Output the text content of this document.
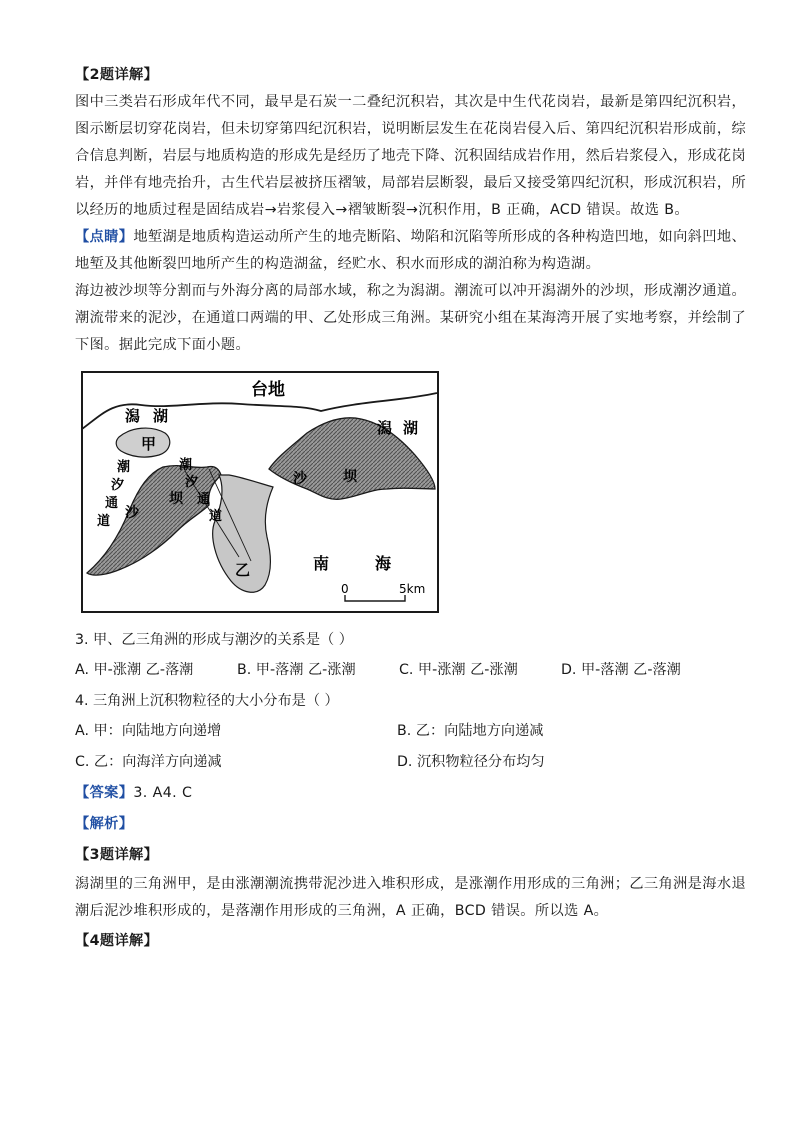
【2题详解】
图中三类岩石形成年代不同，最早是石炭一二叠纪沉积岩，其次是中生代花岗岩，最新是第四纪沉积岩，
图示断层切穿花岗岩，但未切穿第四纪沉积岩，说明断层发生在花岗岩侵入后、第四纪沉积岩形成前，综
合信息判断，岩层与地质构造的形成先是经历了地壳下降、沉积固结成岩作用，然后岩浆侵入，形成花岗
岩，并伴有地壳抬升，古生代岩层被挤压褶皱，局部岩层断裂，最后又接受第四纪沉积，形成沉积岩，所
以经历的地质过程是固结成岩→岩浆侵入→褶皱断裂→沉积作用，B 正确，ACD 错误。故选 B。
【点睛】地堑湖是地质构造运动所产生的地壳断陷、坳陷和沉陷等所形成的各种构造凹地，如向斜凹地、
地堑及其他断裂凹地所产生的构造湖盆，经贮水、积水而形成的湖泊称为构造湖。
海边被沙坝等分割而与外海分离的局部水域，称之为潟湖。潮流可以冲开潟湖外的沙坝，形成潮汐通道。
潮流带来的泥沙，在通道口两端的甲、乙处形成三角洲。某研究小组在某海湾开展了实地考察，并绘制了
下图。据此完成下面小题。
台地
潟 湖
潟 湖
甲
乙
潮
汐
通
道
潮
汐
通
道
沙
坝
沙	坝
南	海
0	5km
3. 甲、乙三角洲的形成与潮汐的关系是（ ）
A. 甲-涨潮 乙-落潮	B. 甲-落潮 乙-涨潮	C. 甲-涨潮 乙-涨潮	D. 甲-落潮 乙-落潮
4. 三角洲上沉积物粒径的大小分布是（ ）
A. 甲：向陆地方向递增	B. 乙：向陆地方向递减
C. 乙：向海洋方向递减	D. 沉积物粒径分布均匀
【答案】3. A4. C
【解析】
【3题详解】
潟湖里的三角洲甲，是由涨潮潮流携带泥沙进入堆积形成，是涨潮作用形成的三角洲；乙三角洲是海水退
潮后泥沙堆积形成的，是落潮作用形成的三角洲，A 正确，BCD 错误。所以选 A。
【4题详解】
